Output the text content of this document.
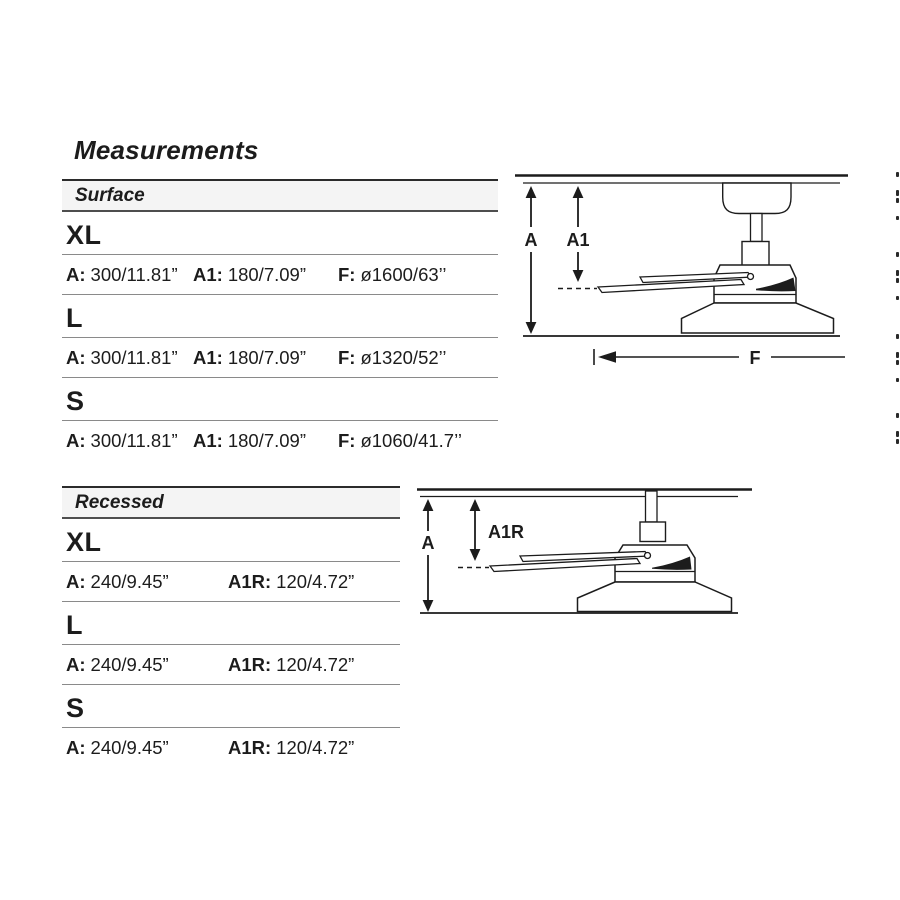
Measurements
Surface
XL
A: 300/11.81” A1: 180/7.09”	F: ø1600/63’’
L
A: 300/11.81” A1: 180/7.09”	F: ø1320/52’’
S
A: 300/11.81” A1: 180/7.09”	F: ø1060/41.7’’
A A1
F
Recessed
XL
A: 240/9.45”	A1R: 120/4.72”
L
A: 240/9.45”	A1R: 120/4.72”
S
A: 240/9.45”	A1R: 120/4.72”
A
A1R
